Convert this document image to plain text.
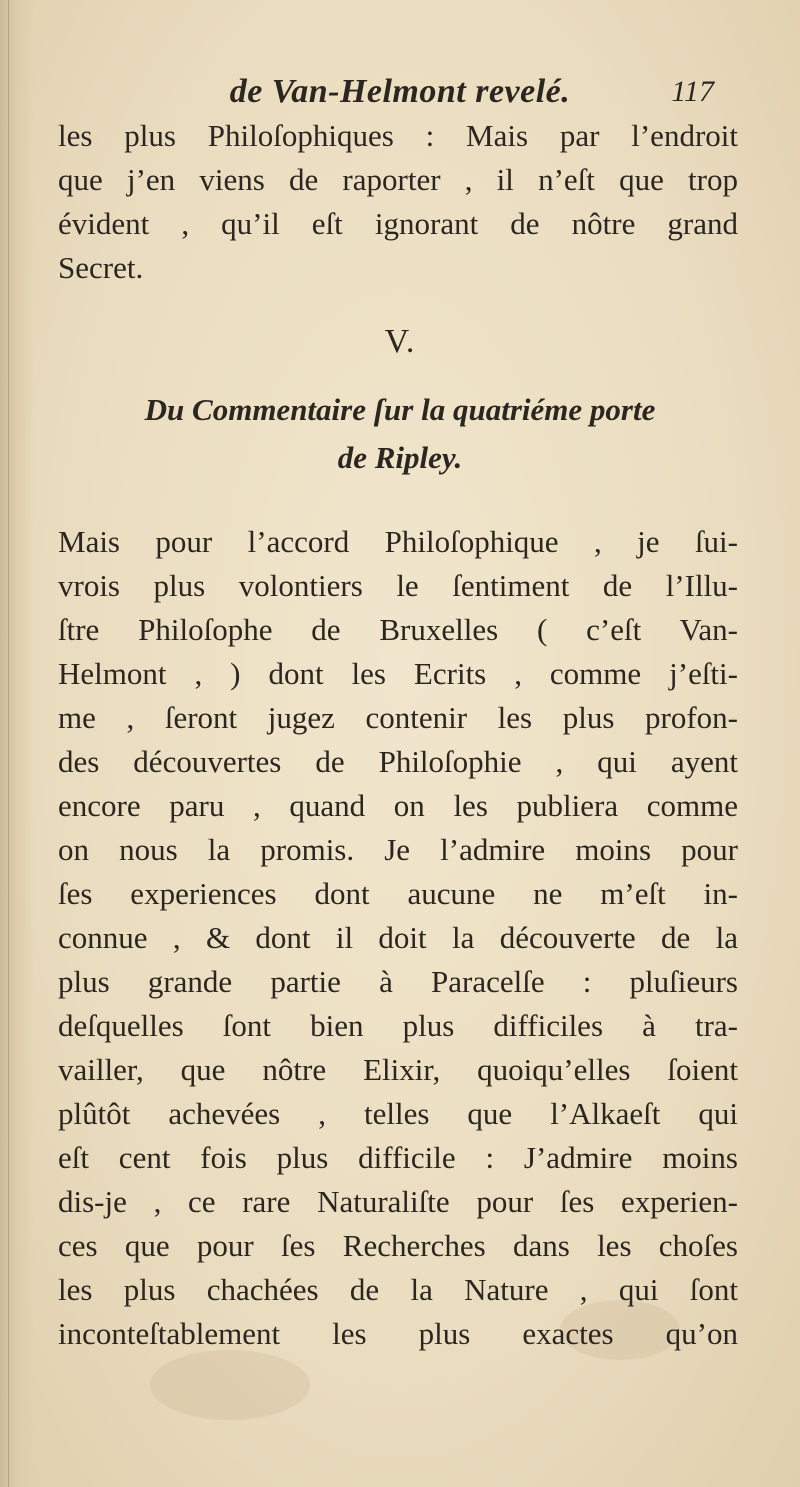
de Van-Helmont revelé.	117
les plus Philoſophiques : Mais par l’endroit
que j’en viens de raporter , il n’eſt que trop
évident , qu’il eſt ignorant de nôtre grand
Secret.
V.
Du Commentaire ſur la quatriéme porte
de Ripley.
Mais pour l’accord Philoſophique , je ſui-
vrois plus volontiers le ſentiment de l’Illu-
ſtre Philoſophe de Bruxelles ( c’eſt Van-
Helmont , ) dont les Ecrits , comme j’eſti-
me , ſeront jugez contenir les plus profon-
des découvertes de Philoſophie , qui ayent
encore paru , quand on les publiera comme
on nous la promis. Je l’admire moins pour
ſes experiences dont aucune ne m’eſt in-
connue , & dont il doit la découverte de la
plus grande partie à Paracelſe : pluſieurs
deſquelles ſont bien plus difficiles à tra-
vailler, que nôtre Elixir, quoiqu’elles ſoient
plûtôt achevées , telles que l’Alkaeſt qui
eſt cent fois plus difficile : J’admire moins
dis-je , ce rare Naturaliſte pour ſes experien-
ces que pour ſes Recherches dans les choſes
les plus chachées de la Nature , qui ſont
inconteſtablement les plus exactes qu’on
